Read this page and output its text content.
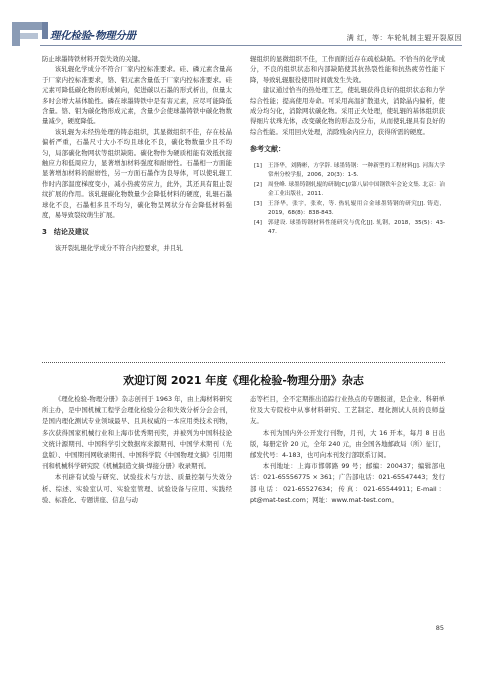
理化检验-物理分册	满 红，等：车轮轧制主辊开裂原因

防止球墨铸铁材料开裂失效的关键。

该轧辊化学成分不符合厂家内控标准要求。硅、磷元素含量高于厂家内控标准要求，铬、钼元素含量低于厂家内控标准要求。硅元素可降低碳化物的形成倾向，促进碳以石墨的形式析出，但量太多时会增大基体脆性。磷在球墨铸铁中是有害元素，应尽可能降低含量。铬、钼为碳化物形成元素，含量少会使球墨铸铁中碳化物数量减少，硬度降低。

该轧辊为未经热处理的铸态组织，其显微组织不佳，存在枝晶偏析严重，石墨尺寸大小不均且球化不良，碳化物数量少且不均匀，局部碳化物网状等组织缺陷。碳化物作为硬质相能有效抵抗接触应力和低周应力，显著增加材料强度和耐磨性。石墨相一方面能显著增加材料的耐磨性，另一方面石墨作为良导体，可以使轧辊工作时内部温度梯度变小，减小热疲劳应力，此外，其还具有阻止裂纹扩展的作用。该轧辊碳化物数量少会降低材料的硬度，轧辊石墨球化不良，石墨相多且不均匀，碳化物呈网状分布会降低材料强度，易导致裂纹萌生扩展。

3　结论及建议

该开裂轧辊化学成分不符合内控要求，并且轧

辊组织的显微组织不佳，工作面附近存在疏松缺陷。不恰当的化学成分，不良的组织状态和内部缺陷使其抗热裂性能和抗热疲劳性能下降，导致轧辊服役使用时间就发生失效。

建议通过恰当的热处理工艺，使轧辊获得良好的组织状态和力学综合性能；提高使用寿命。可采用高温扩散退火，消除晶内偏析，使成分均匀化，消除网状碳化物。采用正火处理，使轧辊的基体组织获得细片状珠光体，改变碳化物的形态及分布，从而使轧辊具有良好的综合性能。采用回火处理，消除残余内应力，获得所需的硬度。

参考文献：
[1] 王泽华，刘腾彬，方学辞. 球墨铸钢：一种新型的工程材料[J]. 河海大学常州分校学报，2006，20(3)：1-5.
[2] 周登峰. 球墨铸钢轧辊的研制[C]//第八届中国钢铁年会论文集. 北京：冶金工业出版社，2011.
[3] 王泽华，张宇，张欢，等. 热轧辊用合金球墨铸钢的研究[J]. 铸造，2019，68(8)：838-843.
[4] 郭建设. 球墨铸钢材料性能研究与优化[J]. 轧钢，2018，35(5)：43-47.
欢迎订阅 2021 年度《理化检验-物理分册》杂志

《理化检验-物理分册》杂志创刊于 1963 年，由上海材料研究所主办，是中国机械工程学会理化检验分会和失效分析分会会刊，是国内理化测试专业领域最早、且具权威的一本应用类技术刊物，多次获得国家机械行业和上海市优秀期刊奖，并被列为中国科技论文统计源期刊、中国科学引文数据库来源期刊、中国学术期刊（光盘版）、中国期刊网收录期刊、中国科学院《中国物理文摘》引用期刊和机械科学研究院《机械制造文摘·焊接分册》收录期刊。

本刊辟有试验与研究、试验技术与方法、质量控制与失效分析、综述、实验室认可、实验室管理、试验设备与应用、实践经验、标准化、专题讲座、信息与动

态等栏目，全不定期推出追踪行业热点的专题报道，是企业、科研单位及大专院校中从事材料研究、工艺制定、理化测试人员的良师益友。

本刊为国内外公开发行刊物，月刊，大 16 开本，每月 8 日出版，每册定价 20 元，全年 240 元，由全国各地邮政局（所）征订，邮发代号：4-183，也可向本刊发行部联系订阅。

本刊地址：上海市邯郸路 99 号；邮编：200437；编辑部电话：021-65556775 × 361；广告部电话：021-65547443；发行部电话：021-65527634；传真：021-65544911；E-mail：pt@mat-test.com；网址：www.mat-test.com。

85
